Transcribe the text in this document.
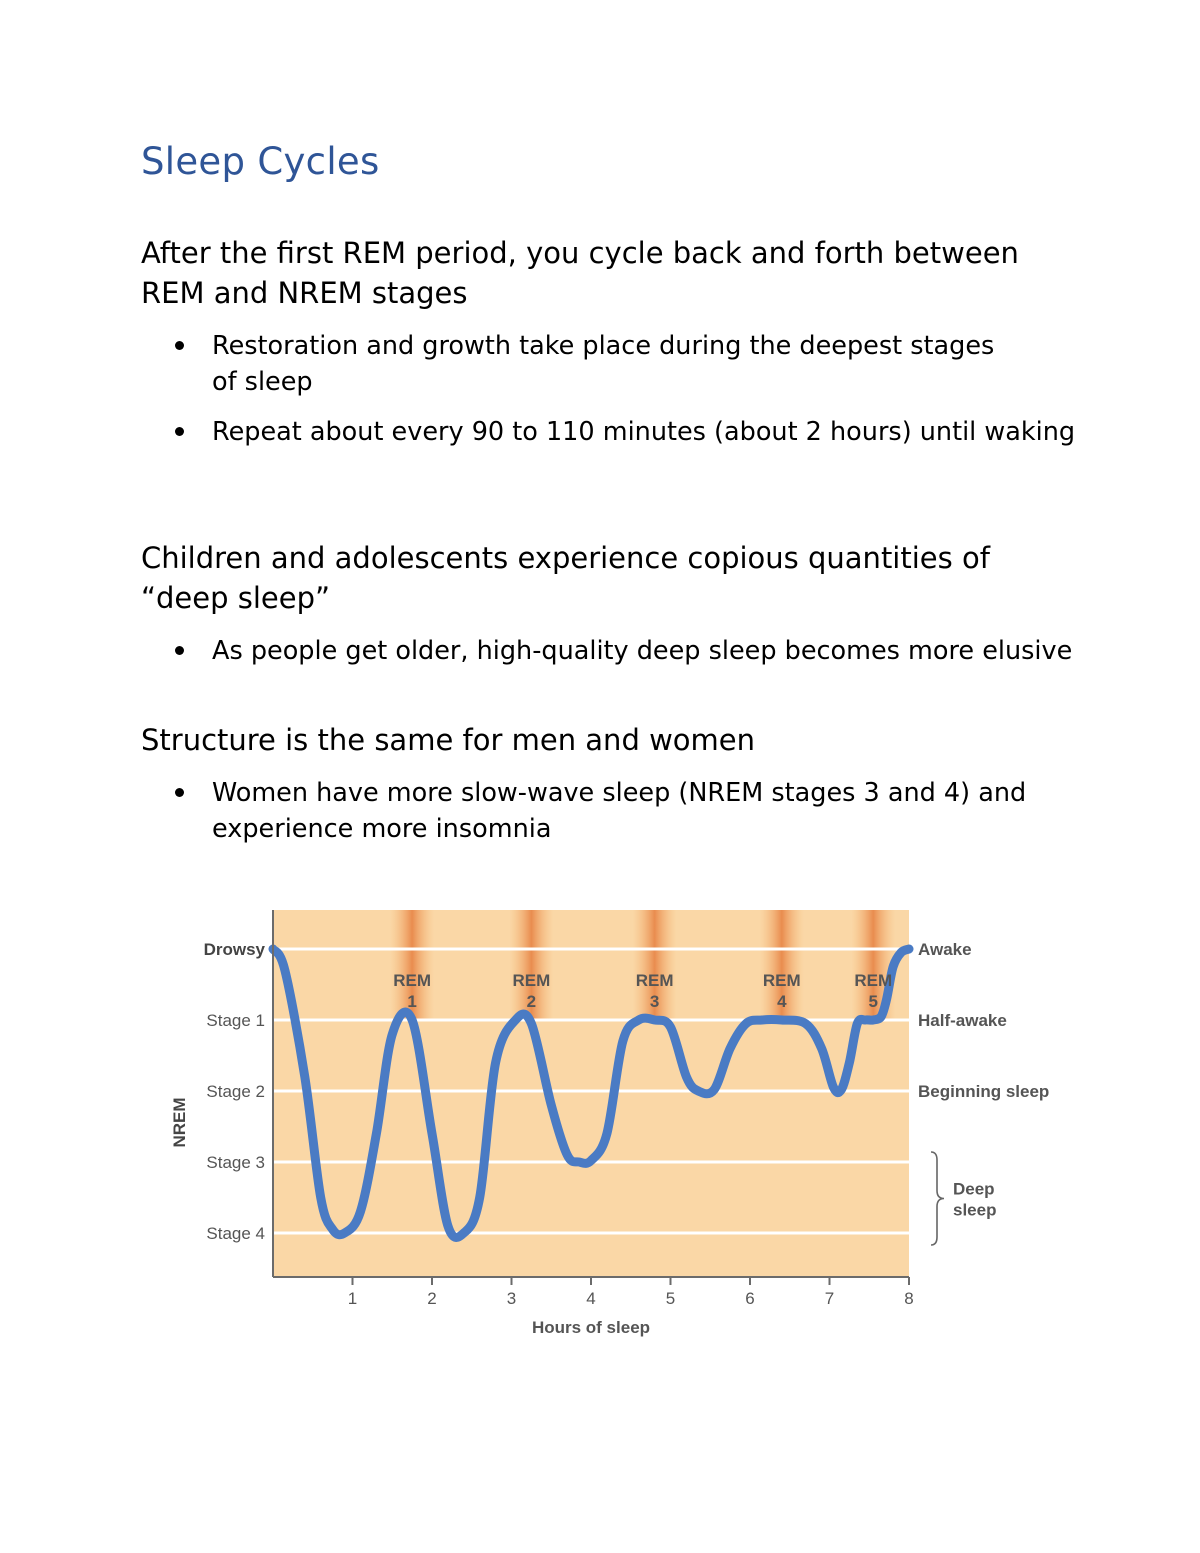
Sleep Cycles

After the first REM period, you cycle back and forth between REM and NREM stages

Restoration and growth take place during the deepest stages
of sleep
Repeat about every 90 to 110 minutes (about 2 hours) until waking

Children and adolescents experience copious quantities of “deep sleep”

As people get older, high-quality deep sleep becomes more elusive

Structure is the same for men and women

Women have more slow-wave sleep (NREM stages 3 and 4) and experience more insomnia
1	2	3	4	5	6	7	8
Drowsy
Stage 1
Stage 2
Stage 3
Stage 4
NREM
Hours of sleep
REM
1
REM
2
REM
3
REM
4
REM
5
Awake
Half-awake
Beginning sleep
Deep
sleep
